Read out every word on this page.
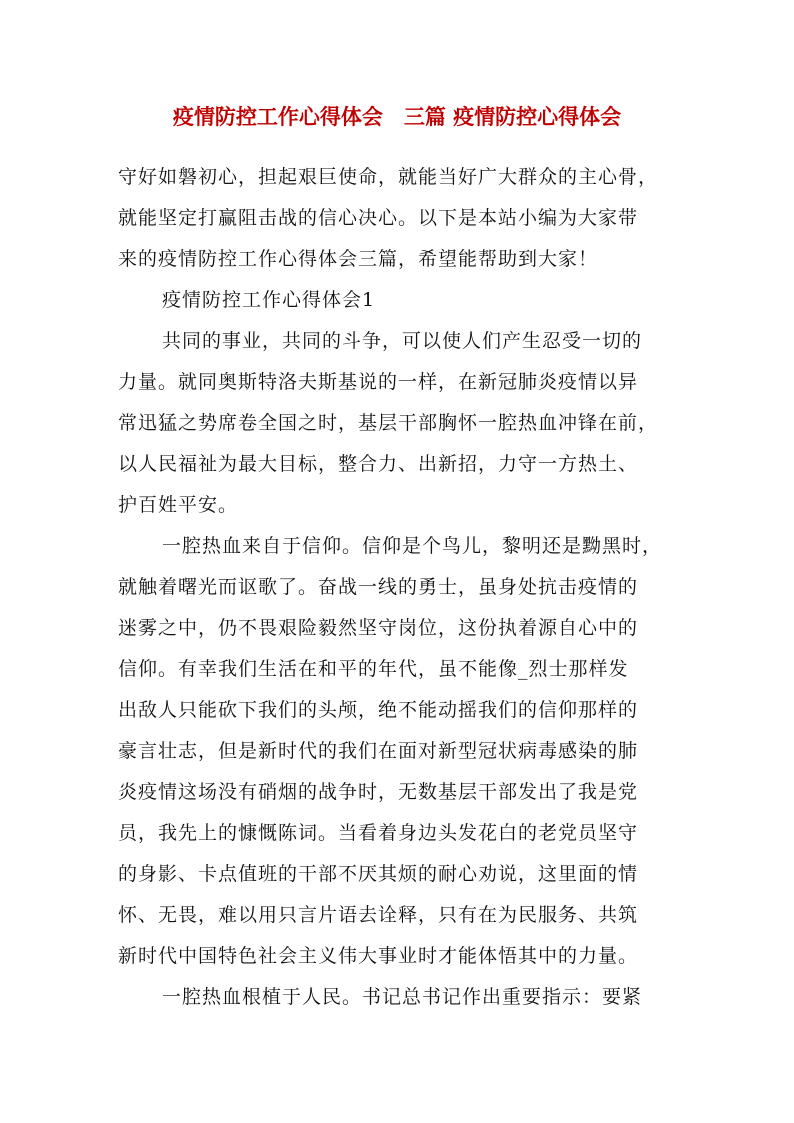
疫情防控工作心得体会　三篇 疫情防控心得体会
守好如磐初心，担起艰巨使命，就能当好广大群众的主心骨，
就能坚定打赢阻击战的信心决心。以下是本站小编为大家带
来的疫情防控工作心得体会三篇，希望能帮助到大家！
疫情防控工作心得体会1
共同的事业，共同的斗争，可以使人们产生忍受一切的
力量。就同奥斯特洛夫斯基说的一样，在新冠肺炎疫情以异
常迅猛之势席卷全国之时，基层干部胸怀一腔热血冲锋在前，
以人民福祉为最大目标，整合力、出新招，力守一方热土、
护百姓平安。
一腔热血来自于信仰。信仰是个鸟儿，黎明还是黝黑时，
就触着曙光而讴歌了。奋战一线的勇士，虽身处抗击疫情的
迷雾之中，仍不畏艰险毅然坚守岗位，这份执着源自心中的
信仰。有幸我们生活在和平的年代，虽不能像_烈士那样发
出敌人只能砍下我们的头颅，绝不能动摇我们的信仰那样的
豪言壮志，但是新时代的我们在面对新型冠状病毒感染的肺
炎疫情这场没有硝烟的战争时，无数基层干部发出了我是党
员，我先上的慷慨陈词。当看着身边头发花白的老党员坚守
的身影、卡点值班的干部不厌其烦的耐心劝说，这里面的情
怀、无畏，难以用只言片语去诠释，只有在为民服务、共筑
新时代中国特色社会主义伟大事业时才能体悟其中的力量。
一腔热血根植于人民。书记总书记作出重要指示：要紧
